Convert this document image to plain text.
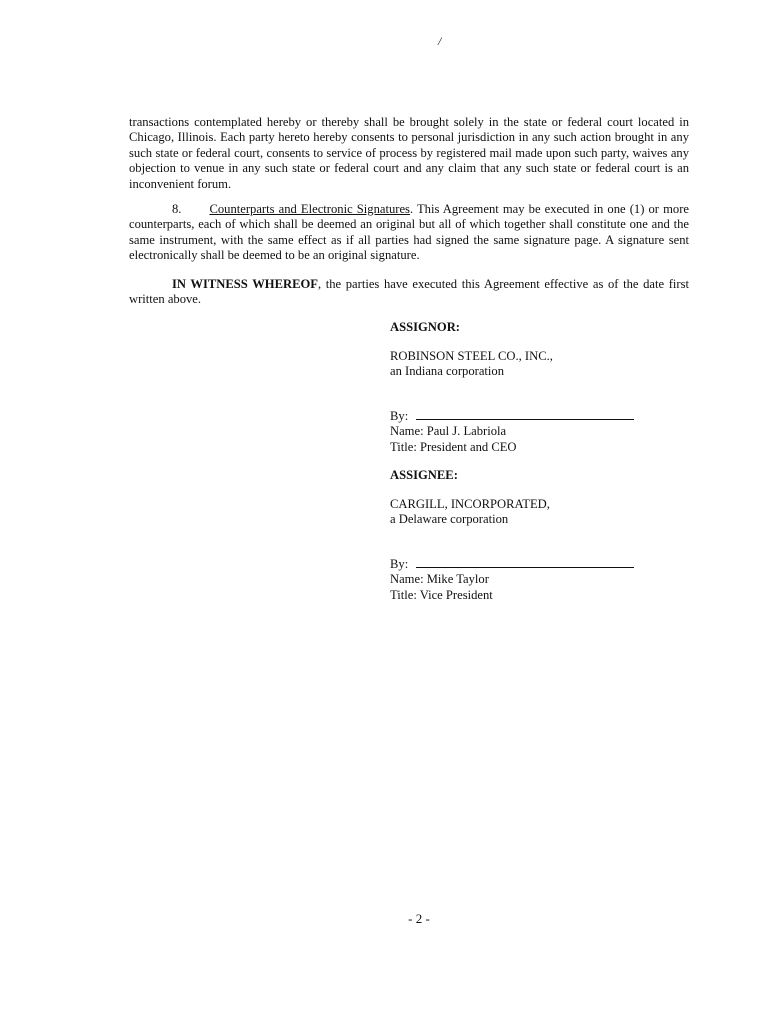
/
transactions contemplated hereby or thereby shall be brought solely in the state or federal court located in Chicago, Illinois. Each party hereto hereby consents to personal jurisdiction in any such action brought in any such state or federal court, consents to service of process by registered mail made upon such party, waives any objection to venue in any such state or federal court and any claim that any such state or federal court is an inconvenient forum.
8. Counterparts and Electronic Signatures. This Agreement may be executed in one (1) or more counterparts, each of which shall be deemed an original but all of which together shall constitute one and the same instrument, with the same effect as if all parties had signed the same signature page. A signature sent electronically shall be deemed to be an original signature.
IN WITNESS WHEREOF, the parties have executed this Agreement effective as of the date first written above.
ASSIGNOR:
ROBINSON STEEL CO., INC.,
an Indiana corporation
By:
Name: Paul J. Labriola
Title: President and CEO
ASSIGNEE:
CARGILL, INCORPORATED,
a Delaware corporation
By:
Name: Mike Taylor
Title: Vice President
- 2 -
